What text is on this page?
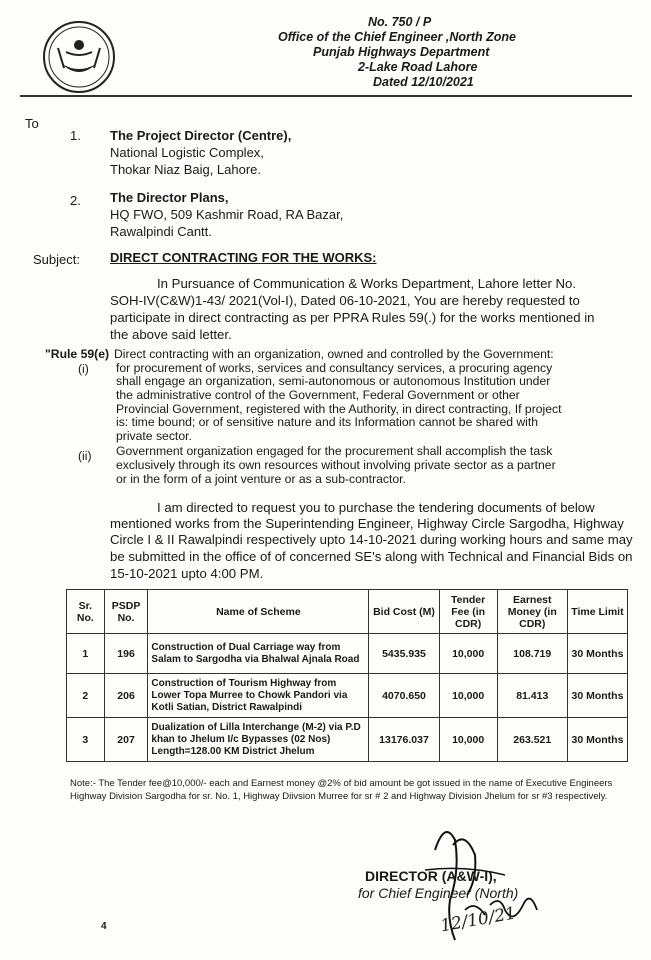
No. 750 / P
Office of the Chief Engineer ,North Zone
Punjab Highways Department
2-Lake Road Lahore
Dated 12/10/2021
To
1. The Project Director (Centre),
National Logistic Complex,
Thokar Niaz Baig, Lahore.
2. The Director Plans,
HQ FWO, 509 Kashmir Road, RA Bazar,
Rawalpindi Cantt.
Subject: DIRECT CONTRACTING FOR THE WORKS:
In Pursuance of Communication & Works Department, Lahore letter No.
SOH-IV(C&W)1-43/ 2021(Vol-I), Dated 06-10-2021, You are hereby requested to
participate in direct contracting as per PPRA Rules 59(.) for the works mentioned in
the above said letter.
"Rule 59(e) Direct contracting with an organization, owned and controlled by the Government:
(i) for procurement of works, services and consultancy services, a procuring agency
shall engage an organization, semi-autonomous or autonomous Institution under
the administrative control of the Government, Federal Government or other
Provincial Government, registered with the Authority, in direct contracting, If project
is: time bound; or of sensitive nature and its Information cannot be shared with
private sector.
(ii) Government organization engaged for the procurement shall accomplish the task
exclusively through its own resources without involving private sector as a partner
or in the form of a joint venture or as a sub-contractor.
I am directed to request you to purchase the tendering documents of below
mentioned works from the Superintending Engineer, Highway Circle Sargodha, Highway
Circle I & II Rawalpindi respectively upto 14-10-2021 during working hours and same may
be submitted in the office of of concerned SE's along with Technical and Financial Bids on
15-10-2021 upto 4:00 PM.
Sr. No.	PSDP No.	Name of Scheme	Bid Cost (M)	Tender Fee (in CDR)	Earnest Money (in CDR)	Time Limit
1	196	Construction of Dual Carriage way from Salam to Sargodha via Bhalwal Ajnala Road	5435.935	10,000	108.719	30 Months
2	206	Construction of Tourism Highway from Lower Topa Murree to Chowk Pandori via Kotli Satian, District Rawalpindi	4070.650	10,000	81.413	30 Months
3	207	Dualization of Lilla Interchange (M-2) via P.D khan to Jhelum I/c Bypasses (02 Nos) Length=128.00 KM District Jhelum	13176.037	10,000	263.521	30 Months
Note:- The Tender fee@10,000/- each and Earnest money @2% of bid amount be got issued in the name of Executive Engineers
Highway Division Sargodha for sr. No. 1, Highway Diivsion Murree for sr # 2 and Highway Division Jhelum for sr #3 respectively.
DIRECTOR (A&W-I),
for Chief Engineer (North)
12/10/21
4
